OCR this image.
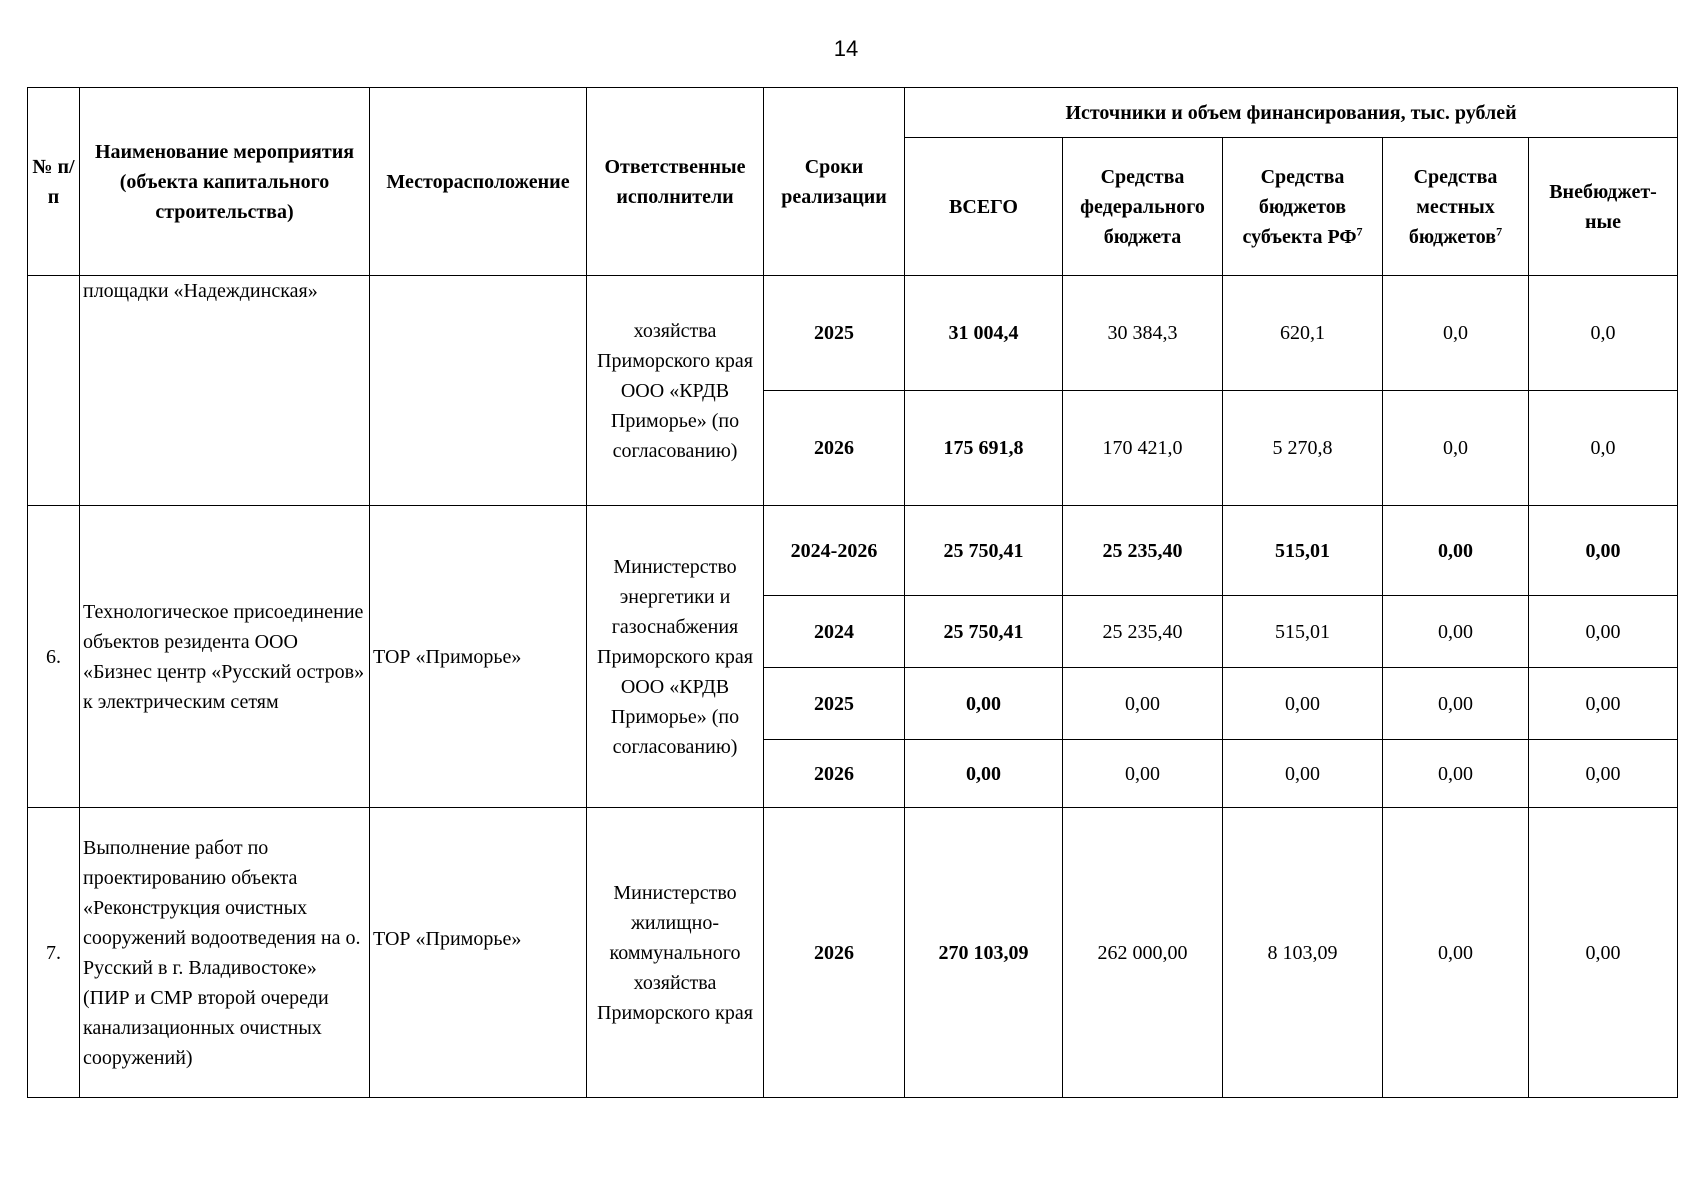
14
№ п/п	Наименование мероприятия (объекта капитального строительства)	Месторасположение	Ответственные исполнители	Сроки реализации	Источники и объем финансирования, тыс. рублей				
					ВСЕГО	Средства федерального бюджета	Средства бюджетов субъекта $РФ^7$	Средства местных бюджетов$^7$	Внебюджет-ные
	площадки «Надеждинская»		хозяйства Приморского края ООО «КРДВ Приморье» (по согласованию)	2025	31 004,4	30 384,3	620,1	0,0	0,0
				2026	175 691,8	170 421,0	5 270,8	0,0	0,0
6.	Технологическое присоединение объектов резидента ООО «Бизнес центр «Русский остров» к электрическим сетям	ТОР «Приморье»	Министерство энергетики и газоснабжения Приморского края ООО «КРДВ Приморье» (по согласованию)	2024-2026	25 750,41	25 235,40	515,01	0,00	0,00
				2024	25 750,41	25 235,40	515,01	0,00	0,00
				2025	0,00	0,00	0,00	0,00	0,00
				2026	0,00	0,00	0,00	0,00	0,00
7.	Выполнение работ по проектированию объекта «Реконструкция очистных сооружений водоотведения на о. Русский в г. Владивостоке» (ПИР и СМР второй очереди канализационных очистных сооружений)	ТОР «Приморье»	Министерство жилищно-коммунального хозяйства Приморского края	2026	270 103,09	262 000,00	8 103,09	0,00	0,00
